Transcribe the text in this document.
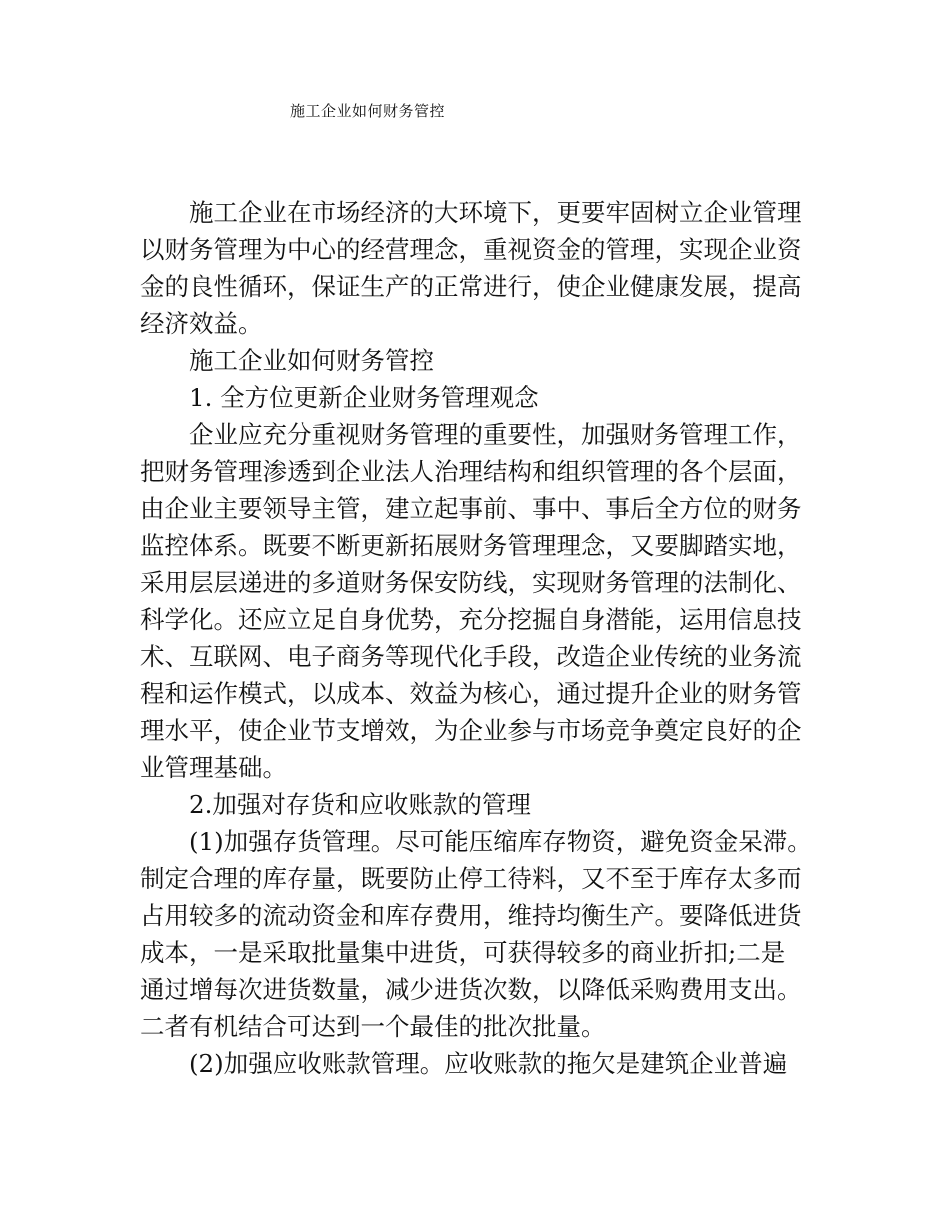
施工企业如何财务管控
施工企业在市场经济的大环境下，更要牢固树立企业管理
以财务管理为中心的经营理念，重视资金的管理，实现企业资
金的良性循环，保证生产的正常进行，使企业健康发展，提高
经济效益。
施工企业如何财务管控
1. 全方位更新企业财务管理观念
企业应充分重视财务管理的重要性，加强财务管理工作，
把财务管理渗透到企业法人治理结构和组织管理的各个层面，
由企业主要领导主管，建立起事前、事中、事后全方位的财务
监控体系。既要不断更新拓展财务管理理念，又要脚踏实地，
采用层层递进的多道财务保安防线，实现财务管理的法制化、
科学化。还应立足自身优势，充分挖掘自身潜能，运用信息技
术、互联网、电子商务等现代化手段，改造企业传统的业务流
程和运作模式，以成本、效益为核心，通过提升企业的财务管
理水平，使企业节支增效，为企业参与市场竞争奠定良好的企
业管理基础。
2.加强对存货和应收账款的管理
(1)加强存货管理。尽可能压缩库存物资，避免资金呆滞。
制定合理的库存量，既要防止停工待料，又不至于库存太多而
占用较多的流动资金和库存费用，维持均衡生产。要降低进货
成本，一是采取批量集中进货，可获得较多的商业折扣;二是
通过增每次进货数量，减少进货次数，以降低采购费用支出。
二者有机结合可达到一个最佳的批次批量。
(2)加强应收账款管理。应收账款的拖欠是建筑企业普遍
